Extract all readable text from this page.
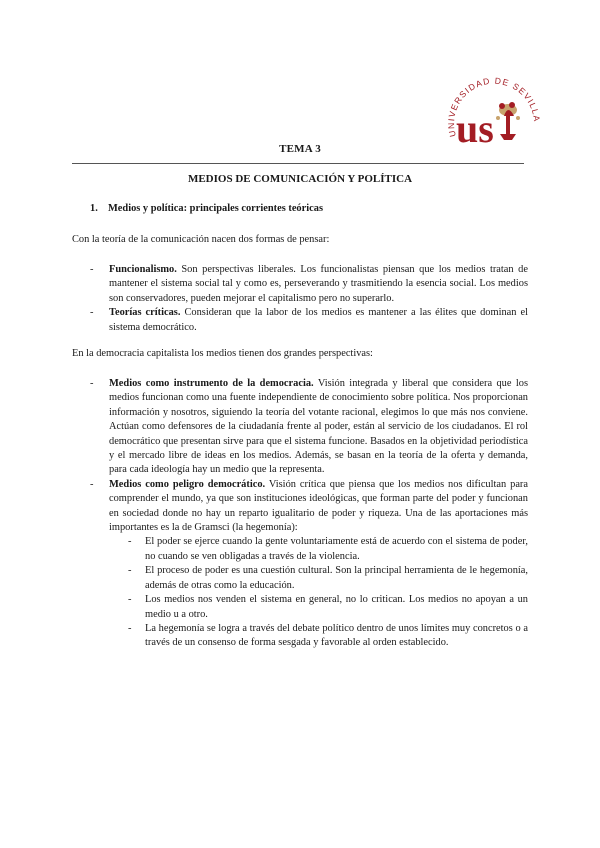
UNIVERSIDAD DE SEVILLA
us
TEMA 3
MEDIOS DE COMUNICACIÓN Y POLÍTICA
1. Medios y política: principales corrientes teóricas
Con la teoría de la comunicación nacen dos formas de pensar:
- Funcionalismo. Son perspectivas liberales. Los funcionalistas piensan que los medios tratan de mantener el sistema social tal y como es, perseverando y trasmitiendo la esencia social. Los medios son conservadores, pueden mejorar el capitalismo pero no superarlo.
- Teorías críticas. Consideran que la labor de los medios es mantener a las élites que dominan el sistema democrático.
En la democracia capitalista los medios tienen dos grandes perspectivas:
- Medios como instrumento de la democracia. Visión integrada y liberal que considera que los medios funcionan como una fuente independiente de conocimiento sobre política. Nos proporcionan información y nosotros, siguiendo la teoría del votante racional, elegimos lo que más nos conviene. Actúan como defensores de la ciudadanía frente al poder, están al servicio de los ciudadanos. El rol democrático que presentan sirve para que el sistema funcione. Basados en la objetividad periodística y el mercado libre de ideas en los medios. Además, se basan en la teoría de la oferta y demanda, para cada ideología hay un medio que la representa.
- Medios como peligro democrático. Visión crítica que piensa que los medios nos dificultan para comprender el mundo, ya que son instituciones ideológicas, que forman parte del poder y funcionan en sociedad donde no hay un reparto igualitario de poder y riqueza. Una de las aportaciones más importantes es la de Gramsci (la hegemonía):
- El poder se ejerce cuando la gente voluntariamente está de acuerdo con el sistema de poder, no cuando se ven obligadas a través de la violencia.
- El proceso de poder es una cuestión cultural. Son la principal herramienta de le hegemonía, además de otras como la educación.
- Los medios nos venden el sistema en general, no lo critican. Los medios no apoyan a un medio u a otro.
- La hegemonía se logra a través del debate político dentro de unos límites muy concretos o a través de un consenso de forma sesgada y favorable al orden establecido.
